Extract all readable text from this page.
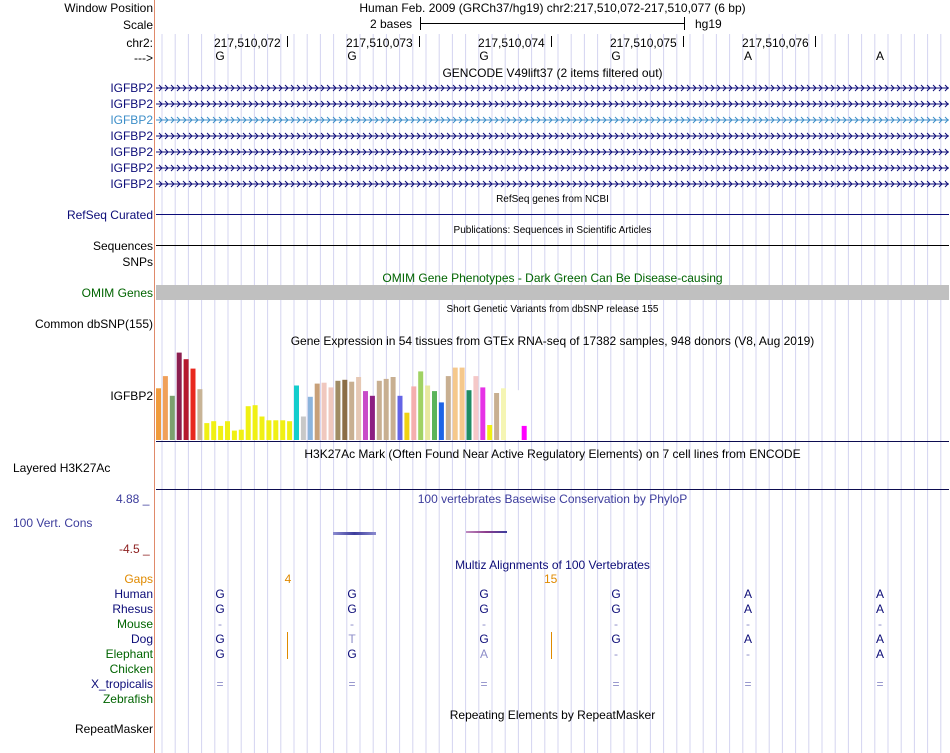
Window Position	Human Feb. 2009 (GRCh37/hg19) chr2:217,510,072-217,510,077 (6 bp)
Scale	2 bases	hg19
chr2:	217,510,072	217,510,073	217,510,074	217,510,075	217,510,076
--->	G	G	G	G	A	A
GENCODE V49lift37 (2 items filtered out)
IGFBP2
IGFBP2
IGFBP2
IGFBP2
IGFBP2
IGFBP2
IGFBP2
RefSeq genes from NCBI
RefSeq Curated
Publications: Sequences in Scientific Articles
Sequences
SNPs
OMIM Gene Phenotypes - Dark Green Can Be Disease-causing
OMIM Genes
Short Genetic Variants from dbSNP release 155
Common dbSNP(155)
Gene Expression in 54 tissues from GTEx RNA-seq of 17382 samples, 948 donors (V8, Aug 2019)
IGFBP2
H3K27Ac Mark (Often Found Near Active Regulatory Elements) on 7 cell lines from ENCODE
Layered H3K27Ac
100 vertebrates Basewise Conservation by PhyloP
4.88 _
100 Vert. Cons
-4.5 _
Multiz Alignments of 100 Vertebrates
Gaps	4	15
Human	G	G	G	G	A	A
Rhesus	G	G	G	G	A	A
Mouse	-	-	-	-	-	-
Dog	G	T	G	G	A	A
Elephant	G	G	A	-	-	A
Chicken
X_tropicalis	=	=	=	=	=	=
Zebrafish
Repeating Elements by RepeatMasker
RepeatMasker
